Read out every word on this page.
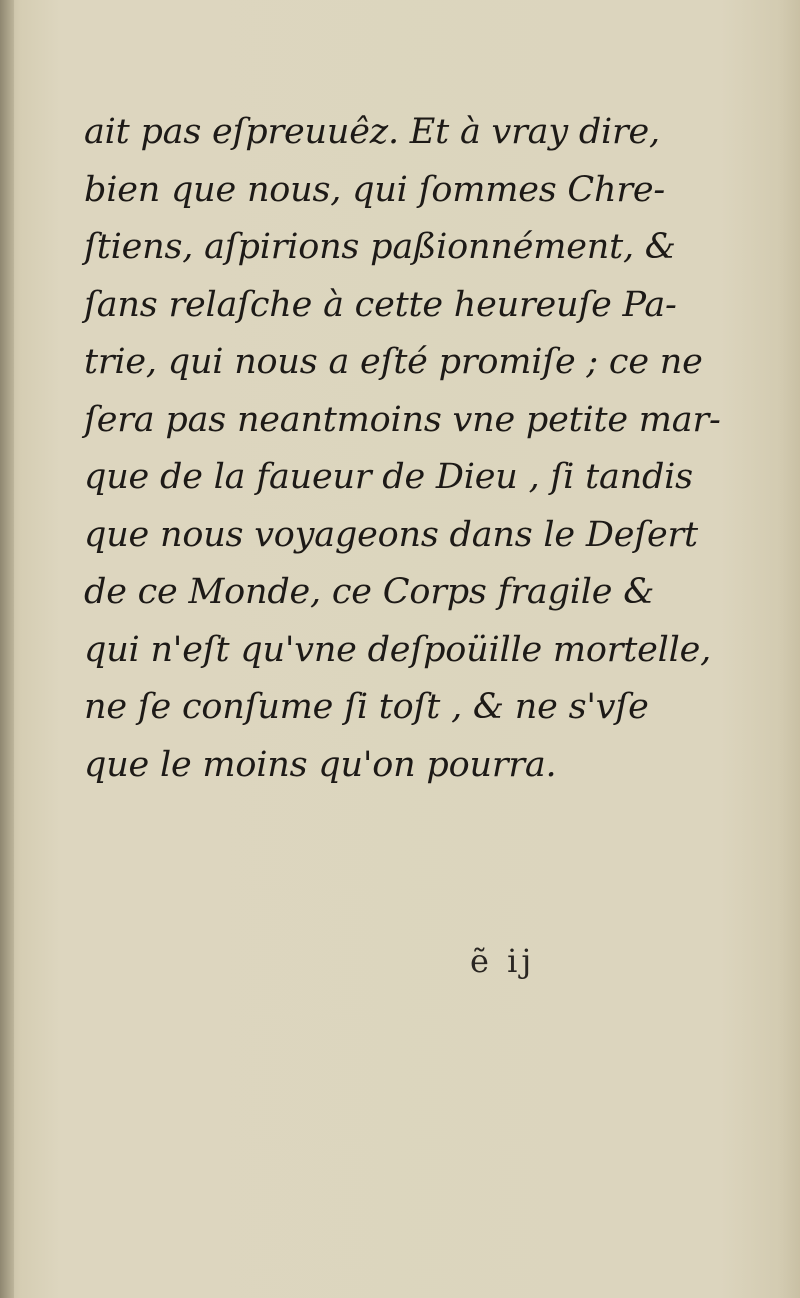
ait pas eſpreuuêz. Et à vray dire,
bien que nous, qui ſommes Chre-
ſtiens, aſpirions paßionnément, &
ſans relaſche à cette heureuſe Pa-
trie, qui nous a eſté promiſe ; ce ne
ſera pas neantmoins vne petite mar-
que de la faueur de Dieu , ſi tandis
que nous voyageons dans le Deſert
de ce Monde, ce Corps fragile &
qui n'eſt qu'vne deſpoüille mortelle,
ne ſe conſume ſi toſt , & ne s'vſe
que le moins qu'on pourra.
ẽ ij
